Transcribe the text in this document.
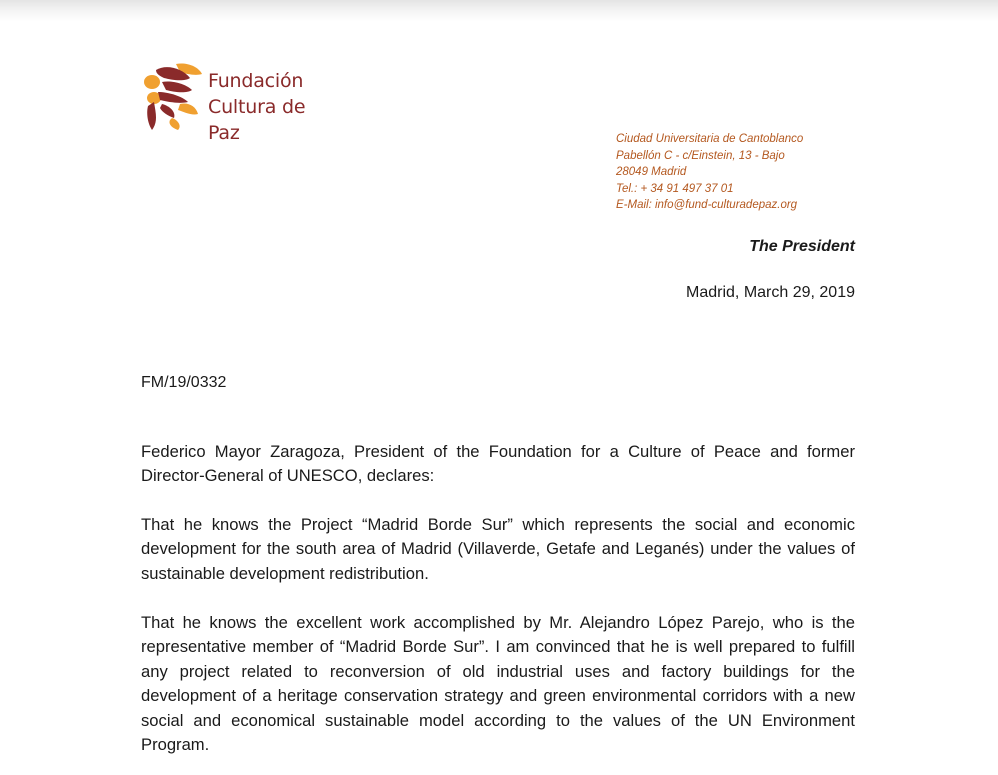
Fundación
Cultura de Paz	Ciudad Universitaria de Cantoblanco
Pabellón C - c/Einstein, 13 - Bajo
28049 Madrid
Tel.: + 34 91 497 37 01
E-Mail: info@fund-culturadepaz.org
The President
Madrid, March 29, 2019
FM/19/0332

Federico Mayor Zaragoza, President of the Foundation for a Culture of Peace and former Director-General of UNESCO, declares:

That he knows the Project “Madrid Borde Sur” which represents the social and economic development for the south area of Madrid (Villaverde, Getafe and Leganés) under the values of sustainable development redistribution.

That he knows the excellent work accomplished by Mr. Alejandro López Parejo, who is the representative member of “Madrid Borde Sur”. I am convinced that he is well prepared to fulfill any project related to reconversion of old industrial uses and factory buildings for the development of a heritage conservation strategy and green environmental corridors with a new social and economical sustainable model according to the values of the UN Environment Program.
